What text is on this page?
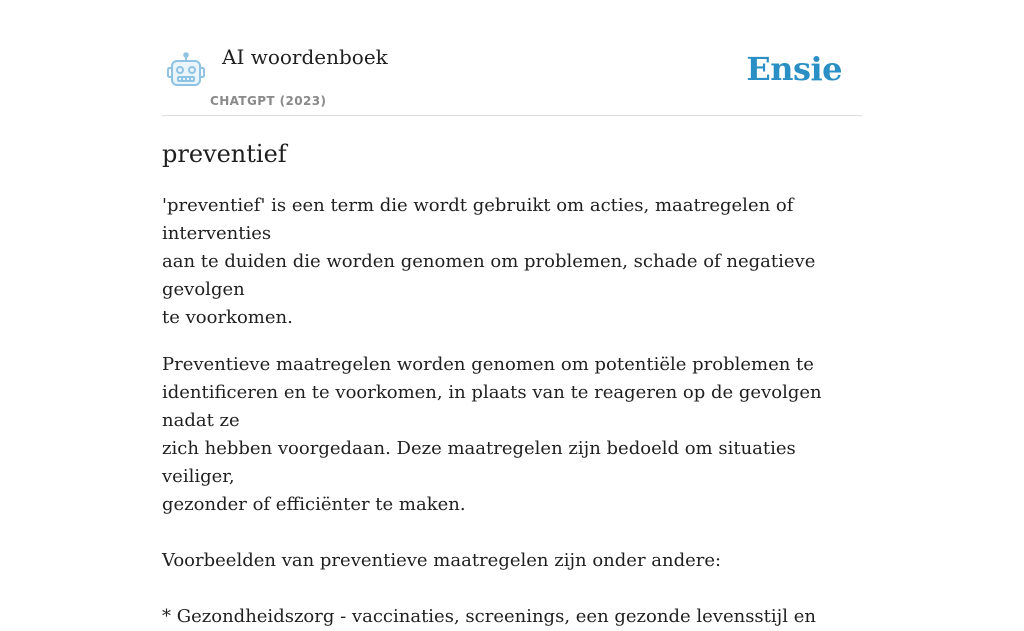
AI woordenboek
CHATGPT (2023)
Ensie
preventief

'preventief' is een term die wordt gebruikt om acties, maatregelen of interventies
aan te duiden die worden genomen om problemen, schade of negatieve gevolgen
te voorkomen.

Preventieve maatregelen worden genomen om potentiële problemen te
identificeren en te voorkomen, in plaats van te reageren op de gevolgen nadat ze
zich hebben voorgedaan. Deze maatregelen zijn bedoeld om situaties veiliger,
gezonder of efficiënter te maken.

Voorbeelden van preventieve maatregelen zijn onder andere:

* Gezondheidszorg - vaccinaties, screenings, een gezonde levensstijl en
